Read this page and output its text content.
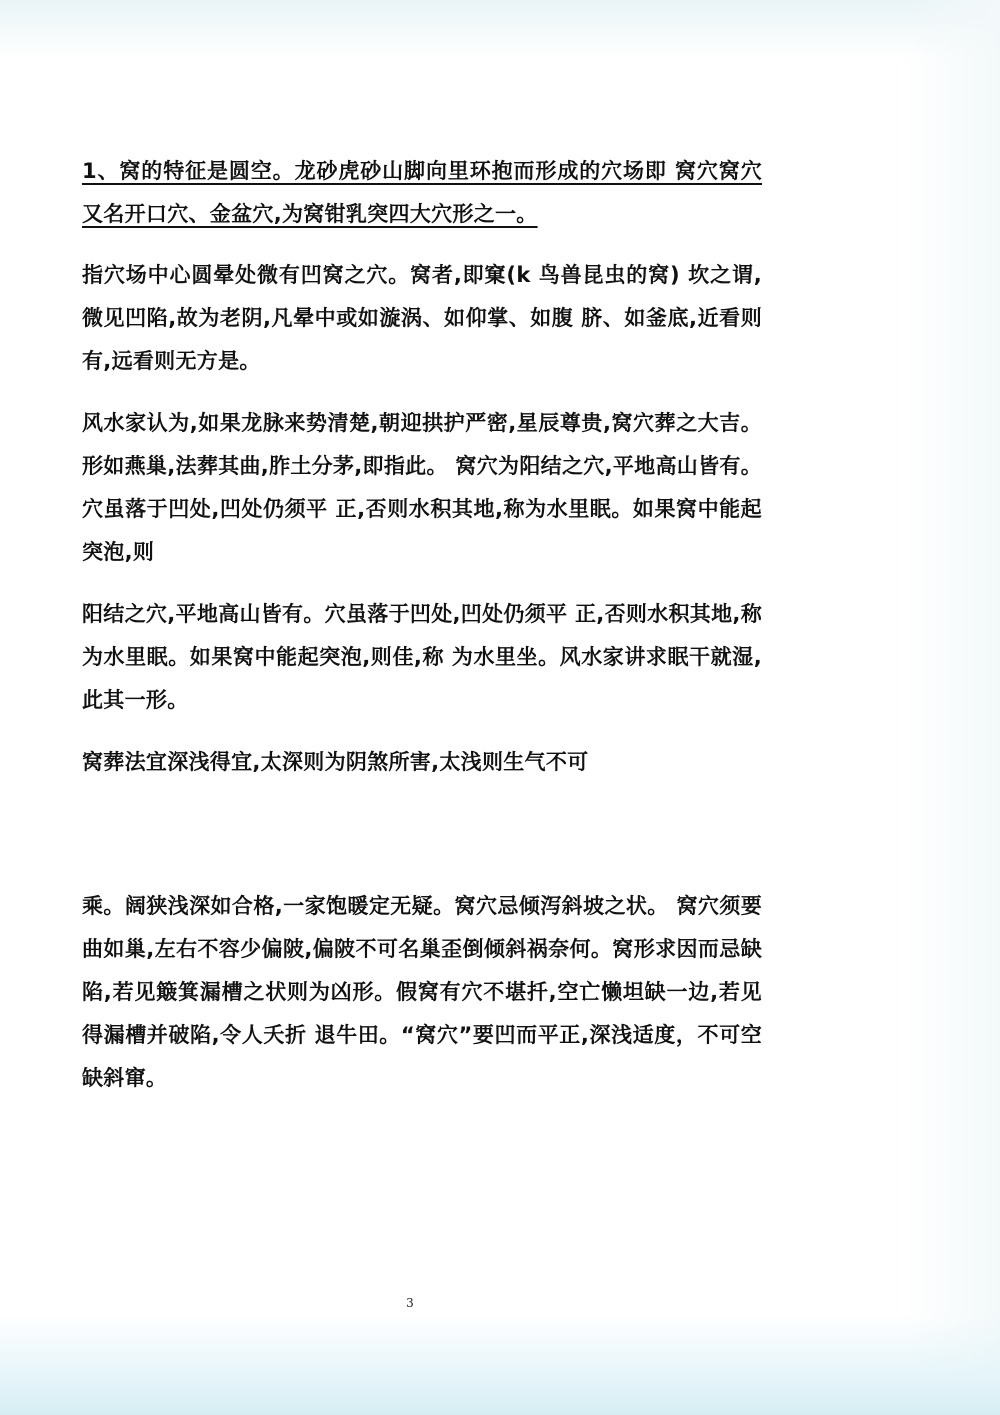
1、窝的特征是圆空。龙砂虎砂山脚向里环抱而形成的穴场即 窝穴窝穴又名开口穴、金盆穴,为窝钳乳突四大穴形之一。

指穴场中心圆晕处微有凹窝之穴。窝者,即窠(k 鸟兽昆虫的窝) 坎之谓,微见凹陷,故为老阴,凡晕中或如漩涡、如仰掌、如腹 脐、如釜底,近看则有,远看则无方是。

风水家认为,如果龙脉来势清楚,朝迎拱护严密,星辰尊贵,窝穴葬之大吉。形如燕巢,法葬其曲,胙土分茅,即指此。 窝穴为阳结之穴,平地高山皆有。穴虽落于凹处,凹处仍须平 正,否则水积其地,称为水里眠。如果窝中能起突泡,则

阳结之穴,平地高山皆有。穴虽落于凹处,凹处仍须平 正,否则水积其地,称为水里眠。如果窝中能起突泡,则佳,称 为水里坐。风水家讲求眠干就湿,此其一形。

窝葬法宜深浅得宜,太深则为阴煞所害,太浅则生气不可

乘。阔狭浅深如合格,一家饱暖定无疑。窝穴忌倾泻斜坡之状。 窝穴须要曲如巢,左右不容少偏陂,偏陂不可名巢歪倒倾斜祸奈何。窝形求因而忌缺陷,若见簸箕漏槽之状则为凶形。假窝有穴不堪扦,空亡懒坦缺一边,若见得漏槽并破陷,令人夭折 退牛田。“窝穴”要凹而平正,深浅适度，不可空缺斜窜。

3
